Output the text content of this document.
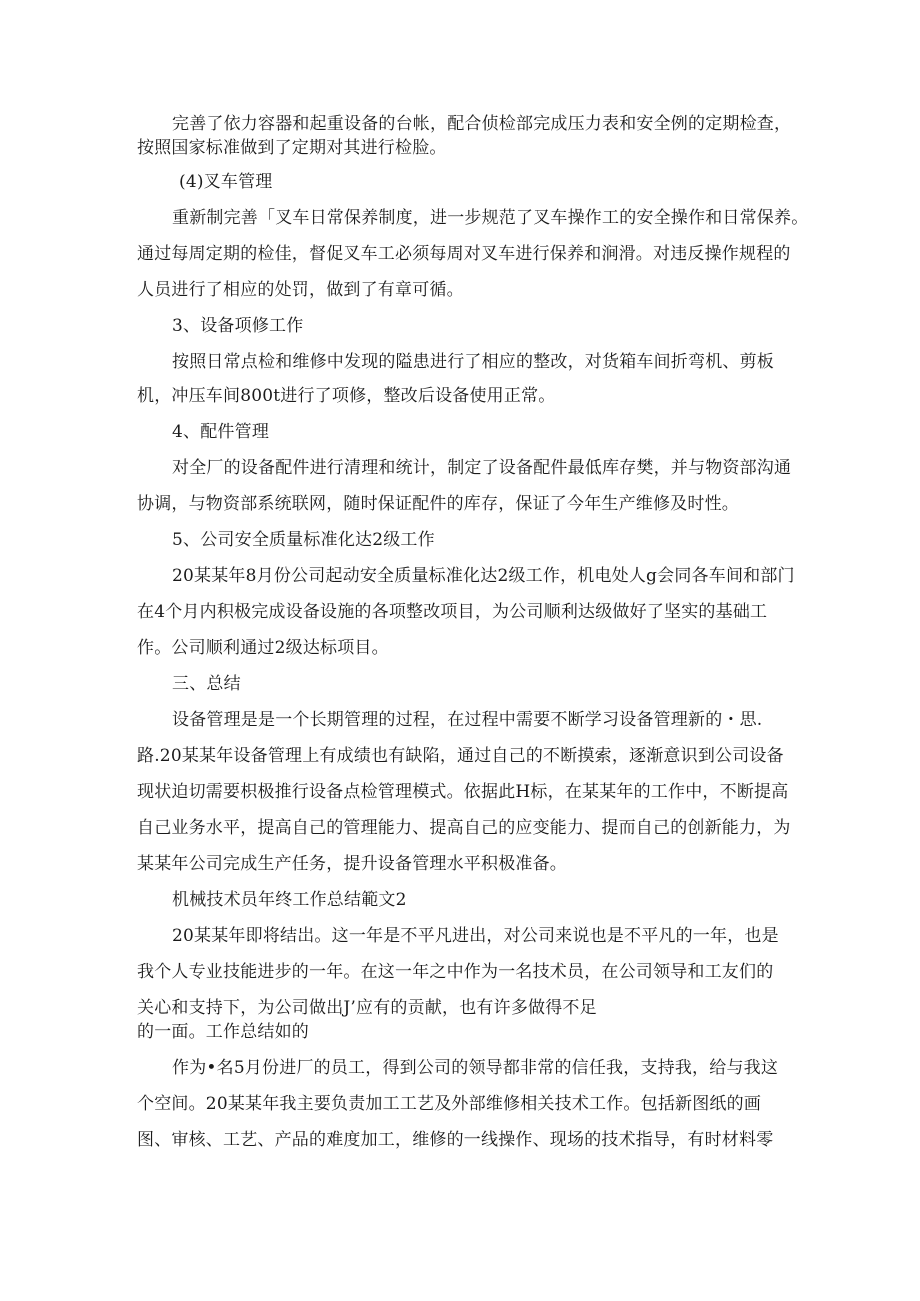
完善了依力容器和起重设备的台帐，配合侦检部完成压力表和安全例的定期检查，
按照国家标准做到了定期对其进行检脸。
(4)叉车管理
重新制完善「叉车日常保养制度，进一步规范了叉车操作工的安全操作和日常保养。
通过每周定期的检佳，督促叉车工必须每周对叉车进行保养和涧滑。对违反操作规程的
人员进行了相应的处罚，做到了有章可循。
3、设备项修工作
按照日常点检和维修中发现的隘患进行了相应的整改，对货箱车间折弯机、剪板
机，冲压车间800t进行了项修，整改后设备使用正常。
4、配件管理
对全厂的设备配件进行清理和统计，制定了设备配件最低库存樊，并与物资部沟通
协调，与物资部系统联网，随时保证配件的库存，保证了今年生产维修及时性。
5、公司安全质量标准化达2级工作
20某某年8月份公司起动安全质量标准化达2级工作，机电处人g会同各车间和部门
在4个月内积极完成设备设施的各项整改项目，为公司顺利达级做好了坚实的基础工
作。公司顺利通过2级达标项目。
三、总结
设备管理是是一个长期管理的过程，在过程中需要不断学习设备管理新的・思.
路.20某某年设备管理上有成绩也有缺陷，通过自己的不断摸索，逐渐意识到公司设备
现状迫切需要枳极推行设备点检管理模式。依据此H标，在某某年的工作中，不断提高
自己业务水平，提高自己的管理能力、提高自己的应变能力、提而自己的创新能力，为
某某年公司完成生产任务，提升设备管理水平积极准备。
机械技术员年终工作总结範文2
20某某年即将结岀。这一年是不平凡进出，对公司来说也是不平凡的一年，也是
我个人专业技能进步的一年。在这一年之中作为一名技术员，在公司领导和工友们的
关心和支持下，为公司做出J’应有的贡献，也有许多做得不足
的一面。工作总结如的
作为•名5月份进厂的员工，得到公司的领导都非常的信任我，支持我，给与我这
个空间。20某某年我主要负责加工工艺及外部维修相关技术工作。包括新图纸的画
图、审核、工艺、产品的难度加工，维修的一线操作、现场的技术指导，有时材料零
